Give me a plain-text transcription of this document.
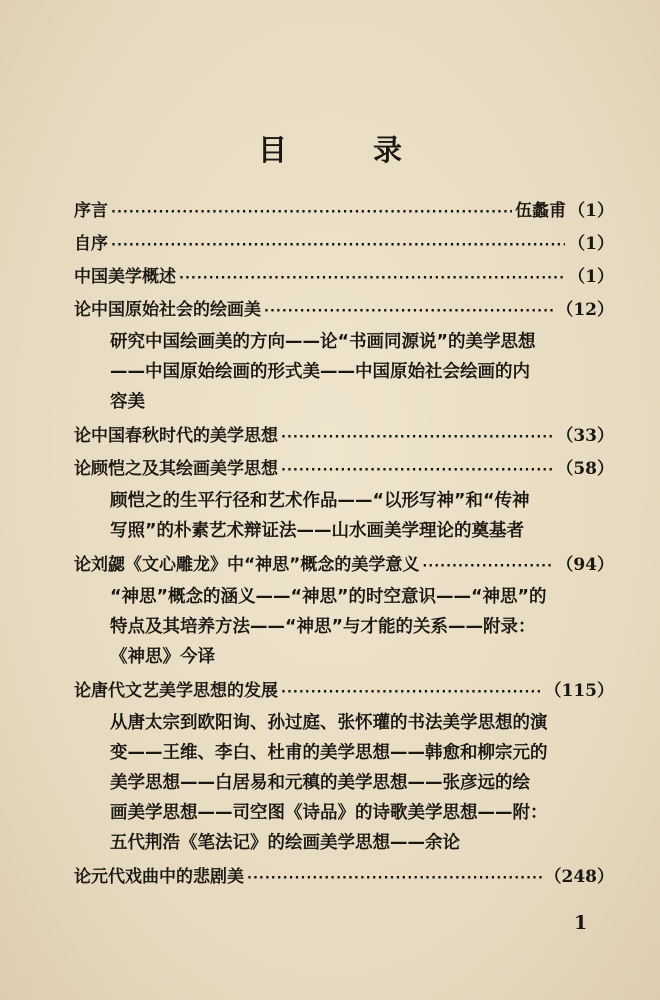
目 录
序言 ·····	伍蠡甫 （1）
自序 ·····	（1）
中国美学概述 ·····	（1）
论中国原始社会的绘画美 ·····	（12）
研究中国绘画美的方向——论“书画同源说”的美学思想
——中国原始绘画的形式美——中国原始社会绘画的内
容美
论中国春秋时代的美学思想 ·····	（33）
论顾恺之及其绘画美学思想 ·····	（58）
顾恺之的生平行径和艺术作品——“以形写神”和“传神
写照”的朴素艺术辩证法——山水画美学理论的奠基者
论刘勰《文心雕龙》中“神思”概念的美学意义 ·····	（94）
“神思”概念的涵义——“神思”的时空意识——“神思”的
特点及其培养方法——“神思”与才能的关系——附录：
《神思》今译
论唐代文艺美学思想的发展 ·····	（115）
从唐太宗到欧阳询、孙过庭、张怀瓘的书法美学思想的演
变——王维、李白、杜甫的美学思想——韩愈和柳宗元的
美学思想——白居易和元稹的美学思想——张彦远的绘
画美学思想——司空图《诗品》的诗歌美学思想——附：
五代荆浩《笔法记》的绘画美学思想——余论
论元代戏曲中的悲剧美 ·····	（248）
1
